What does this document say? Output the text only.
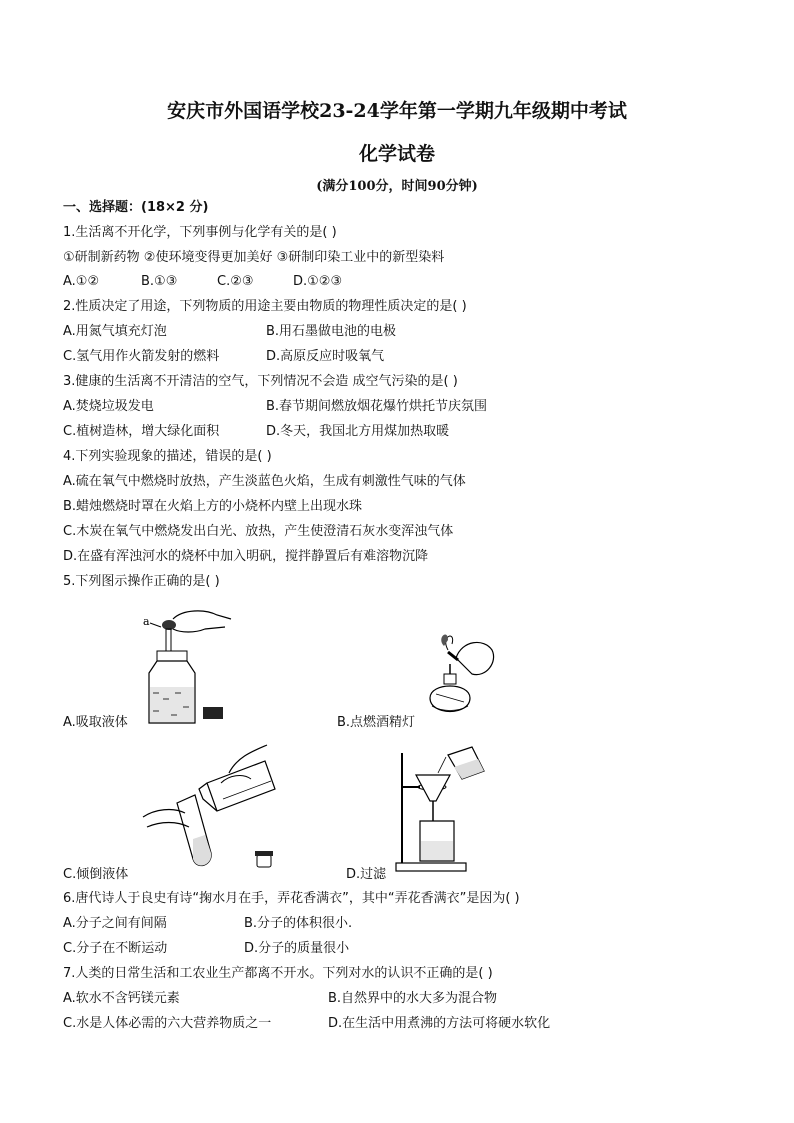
安庆市外国语学校23-24学年第一学期九年级期中考试
化学试卷
(满分100分，时间90分钟)
一、选择题：(18×2 分)
1.生活离不开化学，下列事例与化学有关的是( )
①研制新药物 ②使环境变得更加美好 ③研制印染工业中的新型染料
A.①②	B.①③	C.②③	D.①②③
2.性质决定了用途，下列物质的用途主要由物质的物理性质决定的是( )
A.用氮气填充灯泡	B.用石墨做电池的电极
C.氢气用作火箭发射的燃料	D.高原反应时吸氧气
3.健康的生活离不开清洁的空气，下列情况不会造 成空气污染的是( )
A.焚烧垃圾发电	B.春节期间燃放烟花爆竹烘托节庆氛围
C.植树造林，增大绿化面积	D.冬天，我国北方用煤加热取暖
4.下列实验现象的描述，错误的是( )
A.硫在氧气中燃烧时放热，产生淡蓝色火焰，生成有刺激性气味的气体
B.蜡烛燃烧时罩在火焰上方的小烧杯内壁上出现水珠
C.木炭在氧气中燃烧发出白光、放热，产生使澄清石灰水变浑浊气体
D.在盛有浑浊河水的烧杯中加入明矾，搅拌静置后有难溶物沉降
5.下列图示操作正确的是( )
a
A.吸取液体	B.点燃酒精灯
C.倾倒液体	D.过滤
6.唐代诗人于良史有诗“掬水月在手，弄花香满衣”，其中“弄花香满衣”是因为( )
A.分子之间有间隔	B.分子的体积很小.
C.分子在不断运动	D.分子的质量很小
7.人类的日常生活和工农业生产都离不开水。下列对水的认识不正确的是( )
A.软水不含钙镁元素	B.自然界中的水大多为混合物
C.水是人体必需的六大营养物质之一	D.在生活中用煮沸的方法可将硬水软化
